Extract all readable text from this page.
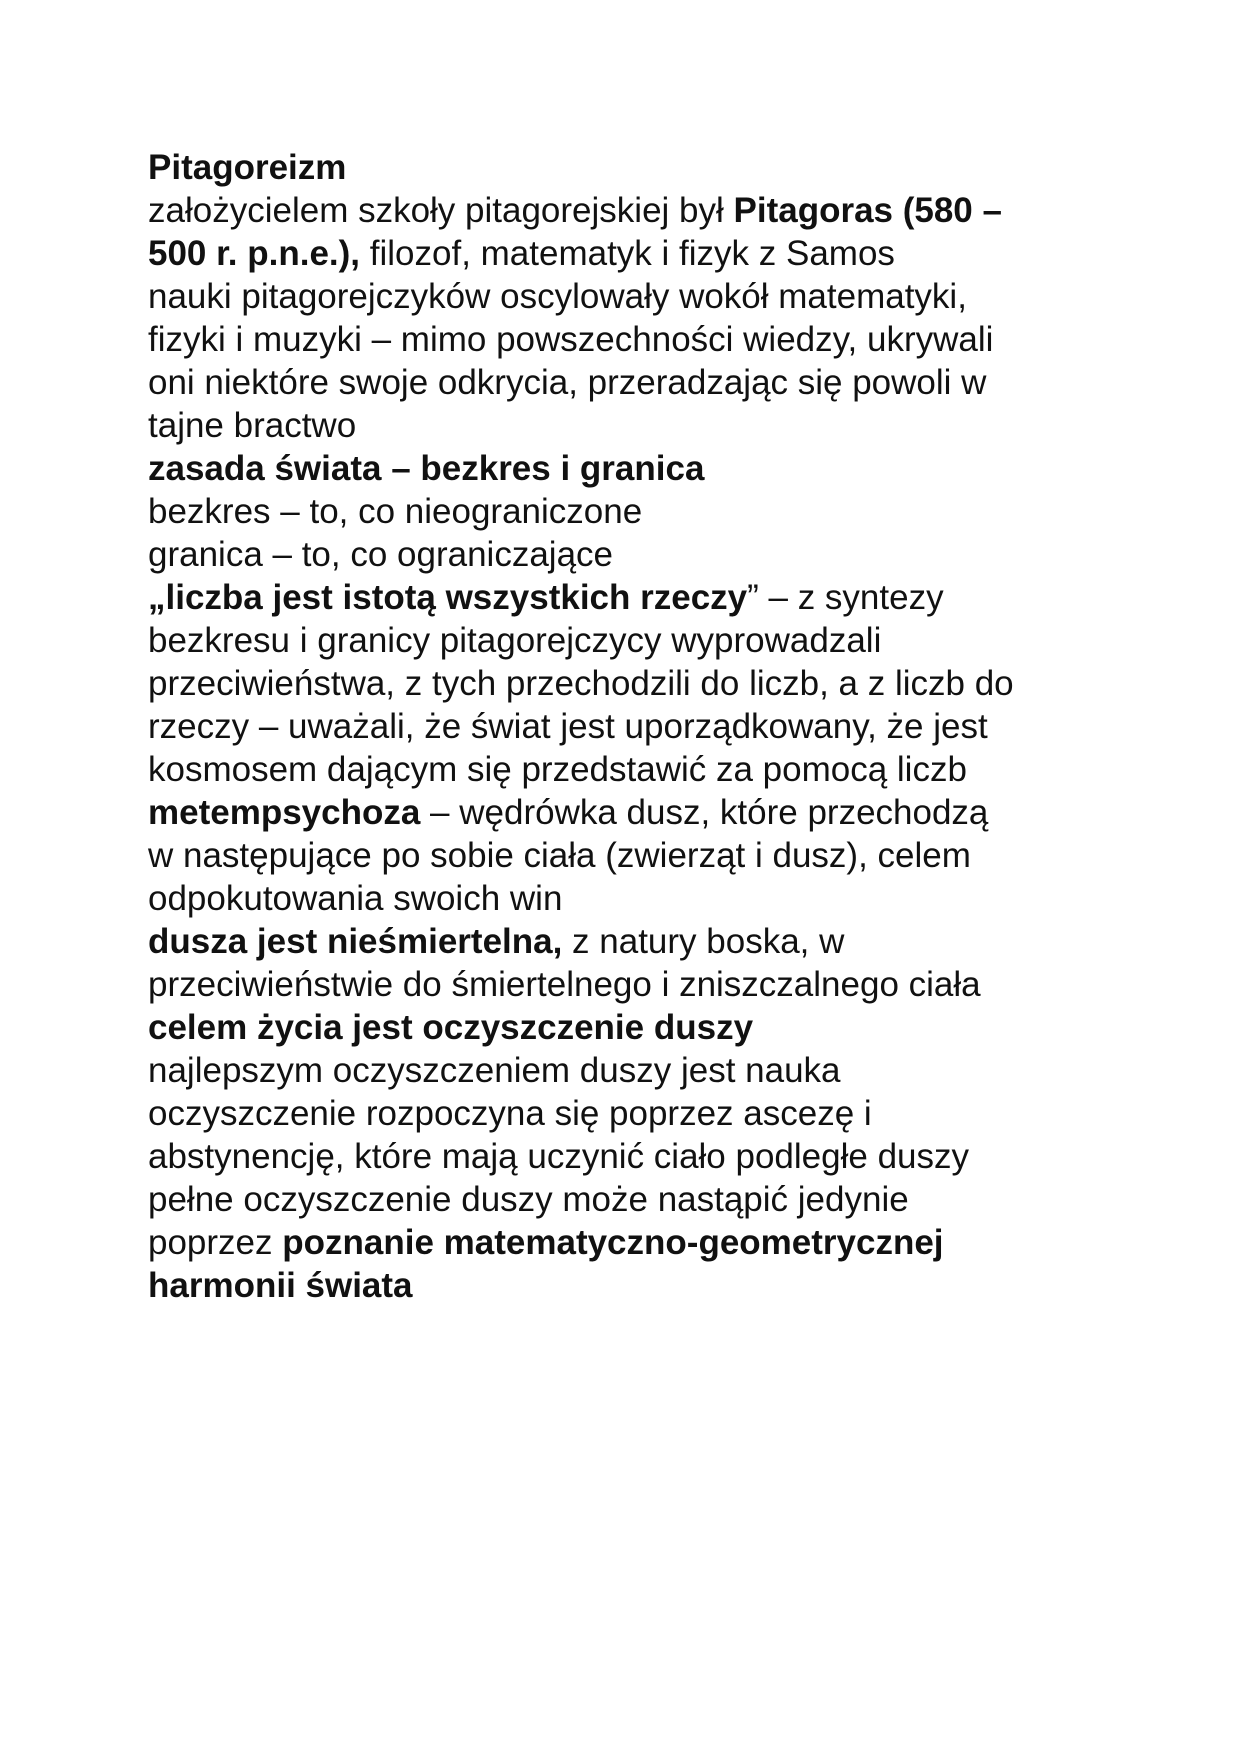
Pitagoreizm
założycielem szkoły pitagorejskiej był Pitagoras (580 –
500 r. p.n.e.), filozof, matematyk i fizyk z Samos
nauki pitagorejczyków oscylowały wokół matematyki,
fizyki i muzyki – mimo powszechności wiedzy, ukrywali
oni niektóre swoje odkrycia, przeradzając się powoli w
tajne bractwo
zasada świata – bezkres i granica
bezkres – to, co nieograniczone
granica – to, co ograniczające
„liczba jest istotą wszystkich rzeczy” – z syntezy
bezkresu i granicy pitagorejczycy wyprowadzali
przeciwieństwa, z tych przechodzili do liczb, a z liczb do
rzeczy – uważali, że świat jest uporządkowany, że jest
kosmosem dającym się przedstawić za pomocą liczb
metempsychoza – wędrówka dusz, które przechodzą
w następujące po sobie ciała (zwierząt i dusz), celem
odpokutowania swoich win
dusza jest nieśmiertelna, z natury boska, w
przeciwieństwie do śmiertelnego i zniszczalnego ciała
celem życia jest oczyszczenie duszy
najlepszym oczyszczeniem duszy jest nauka
oczyszczenie rozpoczyna się poprzez ascezę i
abstynencję, które mają uczynić ciało podległe duszy
pełne oczyszczenie duszy może nastąpić jedynie
poprzez poznanie matematyczno-geometrycznej
harmonii świata
